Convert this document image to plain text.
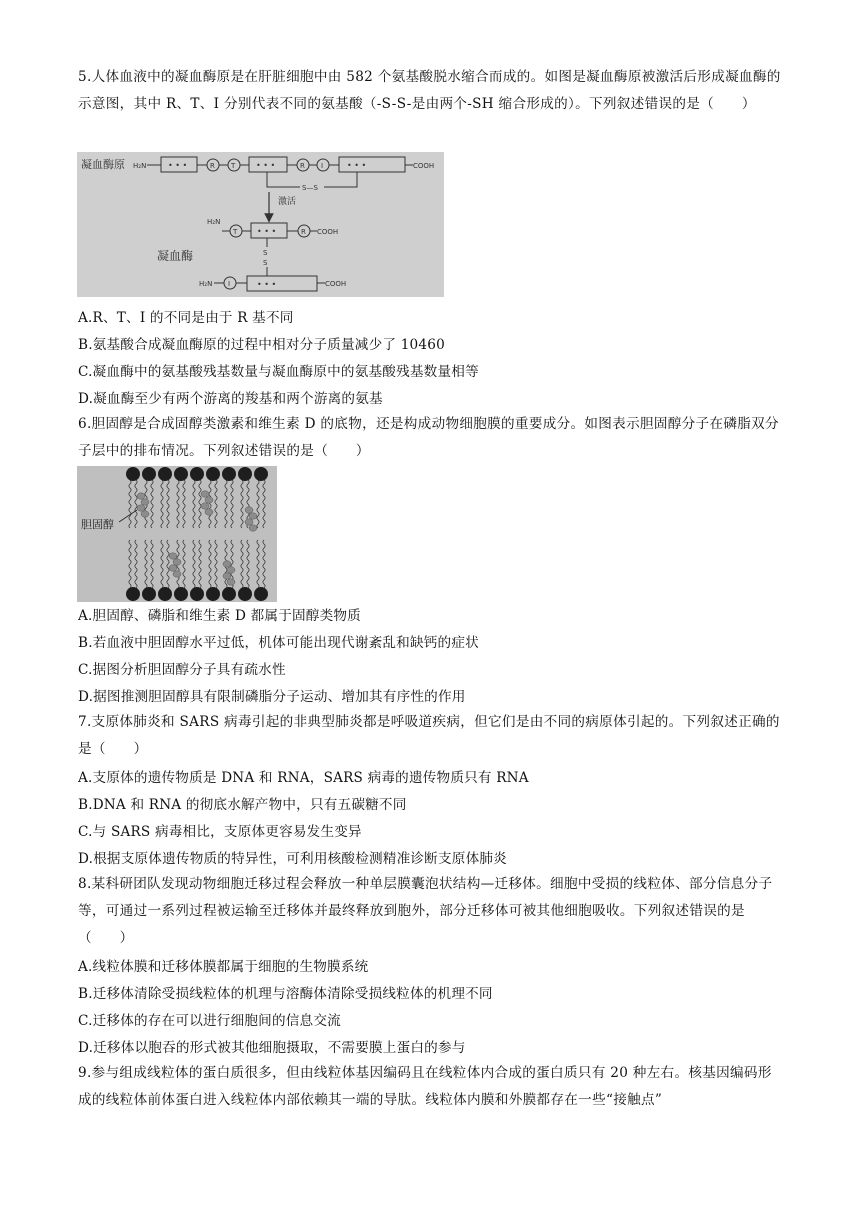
5.人体血液中的凝血酶原是在肝脏细胞中由 582 个氨基酸脱水缩合而成的。如图是凝血酶原被激活后形成凝血酶的示意图，其中 R、T、I 分别代表不同的氨基酸（-S-S-是由两个-SH 缩合形成的）。下列叙述错误的是（　　）
凝血酶原 H₂N	• • •	R T	• • •	R I	• • •	COOH
S—S
激活
H₂N
T • • •	R COOH
凝血酶	S
S
H₂N I	• • •	COOH
A.R、T、I 的不同是由于 R 基不同
B.氨基酸合成凝血酶原的过程中相对分子质量减少了 10460
C.凝血酶中的氨基酸残基数量与凝血酶原中的氨基酸残基数量相等
D.凝血酶至少有两个游离的羧基和两个游离的氨基
6.胆固醇是合成固醇类激素和维生素 D 的底物，还是构成动物细胞膜的重要成分。如图表示胆固醇分子在磷脂双分子层中的排布情况。下列叙述错误的是（　　）
胆固醇
A.胆固醇、磷脂和维生素 D 都属于固醇类物质
B.若血液中胆固醇水平过低，机体可能出现代谢紊乱和缺钙的症状
C.据图分析胆固醇分子具有疏水性
D.据图推测胆固醇具有限制磷脂分子运动、增加其有序性的作用
7.支原体肺炎和 SARS 病毒引起的非典型肺炎都是呼吸道疾病，但它们是由不同的病原体引起的。下列叙述正确的是（　　）
A.支原体的遗传物质是 DNA 和 RNA，SARS 病毒的遗传物质只有 RNA
B.DNA 和 RNA 的彻底水解产物中，只有五碳糖不同
C.与 SARS 病毒相比，支原体更容易发生变异
D.根据支原体遗传物质的特异性，可利用核酸检测精准诊断支原体肺炎
8.某科研团队发现动物细胞迁移过程会释放一种单层膜囊泡状结构—迁移体。细胞中受损的线粒体、部分信息分子等，可通过一系列过程被运输至迁移体并最终释放到胞外，部分迁移体可被其他细胞吸收。下列叙述错误的是（　　）
A.线粒体膜和迁移体膜都属于细胞的生物膜系统
B.迁移体清除受损线粒体的机理与溶酶体清除受损线粒体的机理不同
C.迁移体的存在可以进行细胞间的信息交流
D.迁移体以胞吞的形式被其他细胞摄取，不需要膜上蛋白的参与
9.参与组成线粒体的蛋白质很多，但由线粒体基因编码且在线粒体内合成的蛋白质只有 20 种左右。核基因编码形成的线粒体前体蛋白进入线粒体内部依赖其一端的导肽。线粒体内膜和外膜都存在一些“接触点”
